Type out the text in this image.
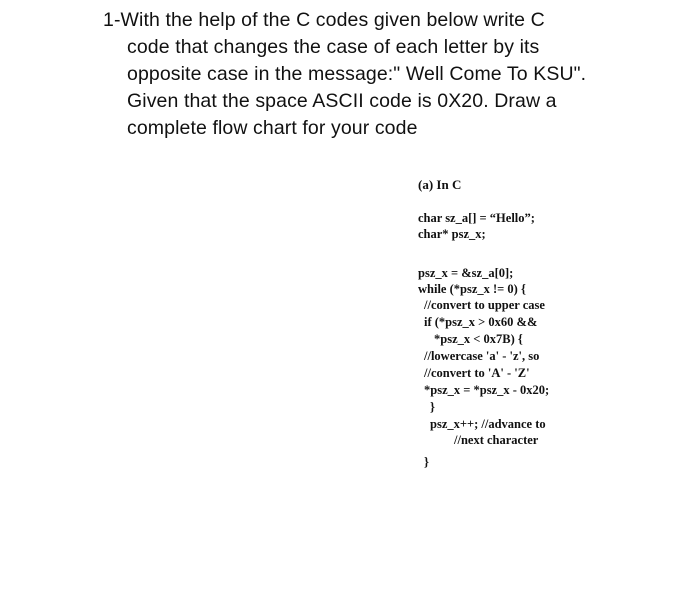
1-With the help of the C codes given below write C
code that changes the case of each letter by its
opposite case in the message:" Well Come To KSU".
Given that the space ASCII code is 0X20. Draw a
complete flow chart for your code
(a) In C
char sz_a[] = “Hello”;
char* psz_x;
psz_x = &sz_a[0];
while (*psz_x != 0) {
//convert to upper case
if (*psz_x > 0x60 &&
*psz_x < 0x7B) {
//lowercase 'a' - 'z', so
//convert to 'A' - 'Z'
*psz_x = *psz_x - 0x20;
}
psz_x++; //advance to
//next character
}
